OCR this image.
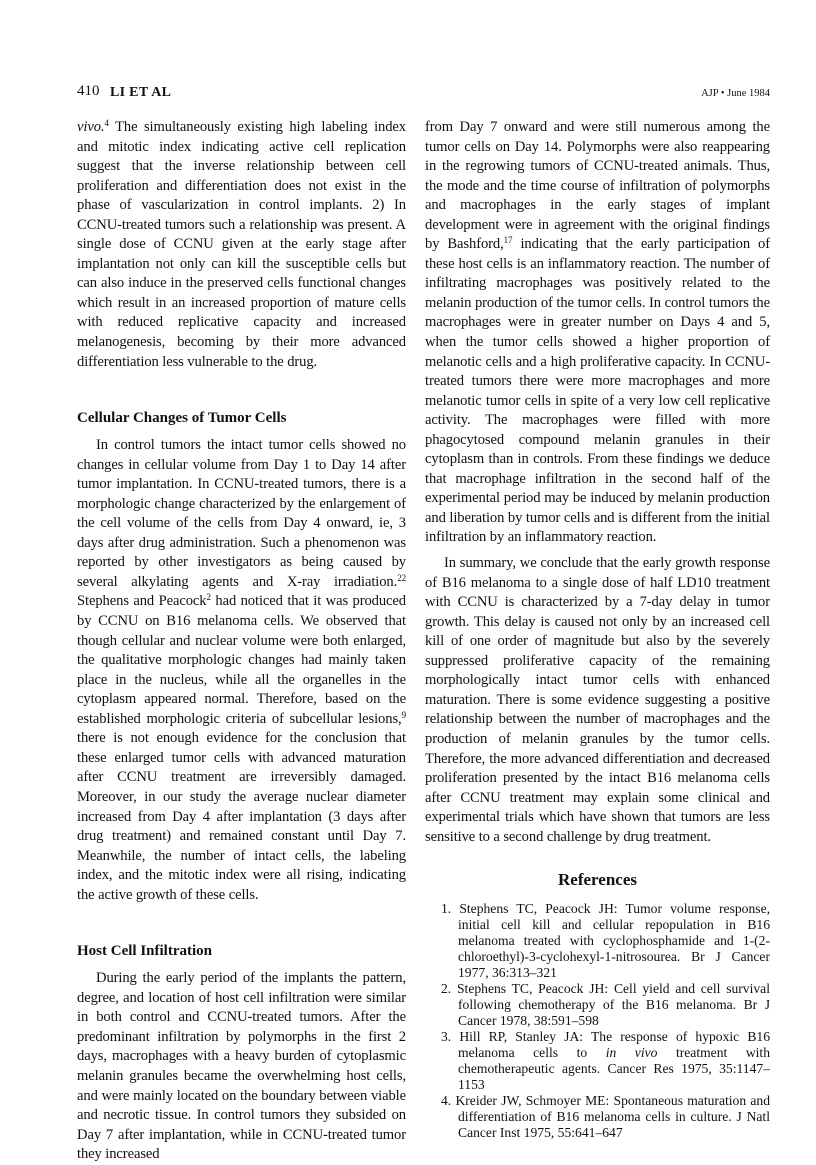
410 LI ET AL	AJP • June 1984

vivo.$^4$ The simultaneously existing high labeling index and mitotic index indicating active cell replication suggest that the inverse relationship between cell proliferation and differentiation does not exist in the phase of vascularization in control implants. 2) In CCNU-treated tumors such a relationship was present. A single dose of CCNU given at the early stage after implantation not only can kill the susceptible cells but can also induce in the preserved cells functional changes which result in an increased proportion of mature cells with reduced replicative capacity and increased melanogenesis, becoming by their more advanced differentiation less vulnerable to the drug.

Cellular Changes of Tumor Cells

In control tumors the intact tumor cells showed no changes in cellular volume from Day 1 to Day 14 after tumor implantation. In CCNU-treated tumors, there is a morphologic change characterized by the enlargement of the cell volume of the cells from Day 4 onward, ie, 3 days after drug administration. Such a phenomenon was reported by other investigators as being caused by several alkylating agents and X-ray irradiation.$^{22}$ Stephens and Peacock$^2$ had noticed that it was produced by CCNU on B16 melanoma cells. We observed that though cellular and nuclear volume were both enlarged, the qualitative morphologic changes had mainly taken place in the nucleus, while all the organelles in the cytoplasm appeared normal. Therefore, based on the established morphologic criteria of subcellular lesions,$^9$ there is not enough evidence for the conclusion that these enlarged tumor cells with advanced maturation after CCNU treatment are irreversibly damaged. Moreover, in our study the average nuclear diameter increased from Day 4 after implantation (3 days after drug treatment) and remained constant until Day 7. Meanwhile, the number of intact cells, the labeling index, and the mitotic index were all rising, indicating the active growth of these cells.

Host Cell Infiltration

During the early period of the implants the pattern, degree, and location of host cell infiltration were similar in both control and CCNU-treated tumors. After the predominant infiltration by polymorphs in the first 2 days, macrophages with a heavy burden of cytoplasmic melanin granules became the overwhelming host cells, and were mainly located on the boundary between viable and necrotic tissue. In control tumors they subsided on Day 7 after implantation, while in CCNU-treated tumor they increased

from Day 7 onward and were still numerous among the tumor cells on Day 14. Polymorphs were also reappearing in the regrowing tumors of CCNU-treated animals. Thus, the mode and the time course of infiltration of polymorphs and macrophages in the early stages of implant development were in agreement with the original findings by Bashford,$^{17}$ indicating that the early participation of these host cells is an inflammatory reaction. The number of infiltrating macrophages was positively related to the melanin production of the tumor cells. In control tumors the macrophages were in greater number on Days 4 and 5, when the tumor cells showed a higher proportion of melanotic cells and a high proliferative capacity. In CCNU-treated tumors there were more macrophages and more melanotic tumor cells in spite of a very low cell replicative activity. The macrophages were filled with more phagocytosed compound melanin granules in their cytoplasm than in controls. From these findings we deduce that macrophage infiltration in the second half of the experimental period may be induced by melanin production and liberation by tumor cells and is different from the initial infiltration by an inflammatory reaction.

In summary, we conclude that the early growth response of B16 melanoma to a single dose of half LD10 treatment with CCNU is characterized by a 7-day delay in tumor growth. This delay is caused not only by an increased cell kill of one order of magnitude but also by the severely suppressed proliferative capacity of the remaining morphologically intact tumor cells with enhanced maturation. There is some evidence suggesting a positive relationship between the number of macrophages and the production of melanin granules by the tumor cells. Therefore, the more advanced differentiation and decreased proliferation presented by the intact B16 melanoma cells after CCNU treatment may explain some clinical and experimental trials which have shown that tumors are less sensitive to a second challenge by drug treatment.

References

1. Stephens TC, Peacock JH: Tumor volume response, initial cell kill and cellular repopulation in B16 melanoma treated with cyclophosphamide and 1-(2-chloroethyl)-3-cyclohexyl-1-nitrosourea. Br J Cancer 1977, 36:313–321

2. Stephens TC, Peacock JH: Cell yield and cell survival following chemotherapy of the B16 melanoma. Br J Cancer 1978, 38:591–598

3. Hill RP, Stanley JA: The response of hypoxic B16 melanoma cells to in vivo treatment with chemotherapeutic agents. Cancer Res 1975, 35:1147–1153

4. Kreider JW, Schmoyer ME: Spontaneous maturation and differentiation of B16 melanoma cells in culture. J Natl Cancer Inst 1975, 55:641–647
